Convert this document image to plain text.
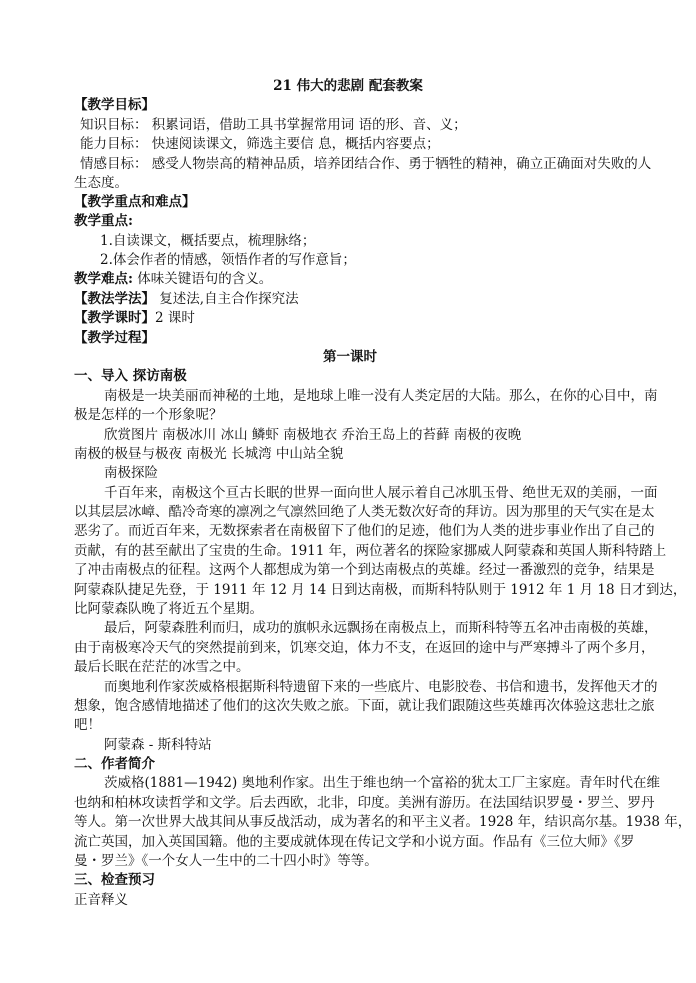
21 伟大的悲剧 配套教案
【教学目标】
知识目标： 积累词语，借助工具书掌握常用词 语的形、音、义；
能力目标： 快速阅读课文，筛选主要信 息，概括内容要点；
情感目标： 感受人物崇高的精神品质，培养团结合作、勇于牺牲的精神，确立正确面对失败的人
生态度。
【教学重点和难点】
教学重点:
1.自读课文，概括要点，梳理脉络；
2.体会作者的情感，领悟作者的写作意旨；
教学难点: 体味关键语句的含义。
【教法学法】 复述法,自主合作探究法
【教学课时】2 课时
【教学过程】
第一课时
一、导入 探访南极
南极是一块美丽而神秘的土地，是地球上唯一没有人类定居的大陆。那么，在你的心目中，南
极是怎样的一个形象呢？
欣赏图片 南极冰川 冰山 鳞虾 南极地衣 乔治王岛上的苔藓 南极的夜晚
南极的极昼与极夜 南极光 长城湾 中山站全貌
南极探险
千百年来，南极这个亘古长眠的世界一面向世人展示着自己冰肌玉骨、绝世无双的美丽，一面
以其层层冰嶂、酷冷奇寒的凛冽之气凛然回绝了人类无数次好奇的拜访。因为那里的天气实在是太
恶劣了。而近百年来，无数探索者在南极留下了他们的足迹，他们为人类的进步事业作出了自己的
贡献，有的甚至献出了宝贵的生命。1911 年，两位著名的探险家挪威人阿蒙森和英国人斯科特踏上
了冲击南极点的征程。这两个人都想成为第一个到达南极点的英雄。经过一番激烈的竞争，结果是
阿蒙森队捷足先登，于 1911 年 12 月 14 日到达南极，而斯科特队则于 1912 年 1 月 18 日才到达，
比阿蒙森队晚了将近五个星期。
最后，阿蒙森胜利而归，成功的旗帜永远飘扬在南极点上，而斯科特等五名冲击南极的英雄，
由于南极寒冷天气的突然提前到来，饥寒交迫，体力不支，在返回的途中与严寒搏斗了两个多月，
最后长眠在茫茫的冰雪之中。
而奥地利作家茨威格根据斯科特遗留下来的一些底片、电影胶卷、书信和遗书，发挥他天才的
想象，饱含感情地描述了他们的这次失败之旅。下面，就让我们跟随这些英雄再次体验这悲壮之旅
吧！
阿蒙森 - 斯科特站
二、作者简介
茨威格(1881—1942) 奥地利作家。出生于维也纳一个富裕的犹太工厂主家庭。青年时代在维
也纳和柏林攻读哲学和文学。后去西欧，北非，印度。美洲有游历。在法国结识罗曼・罗兰、罗丹
等人。第一次世界大战其间从事反战活动，成为著名的和平主义者。1928 年，结识高尔基。1938 年，
流亡英国，加入英国国籍。他的主要成就体现在传记文学和小说方面。作品有《三位大师》《罗
曼・罗兰》《一个女人一生中的二十四小时》等等。
三、检查预习
正音释义
